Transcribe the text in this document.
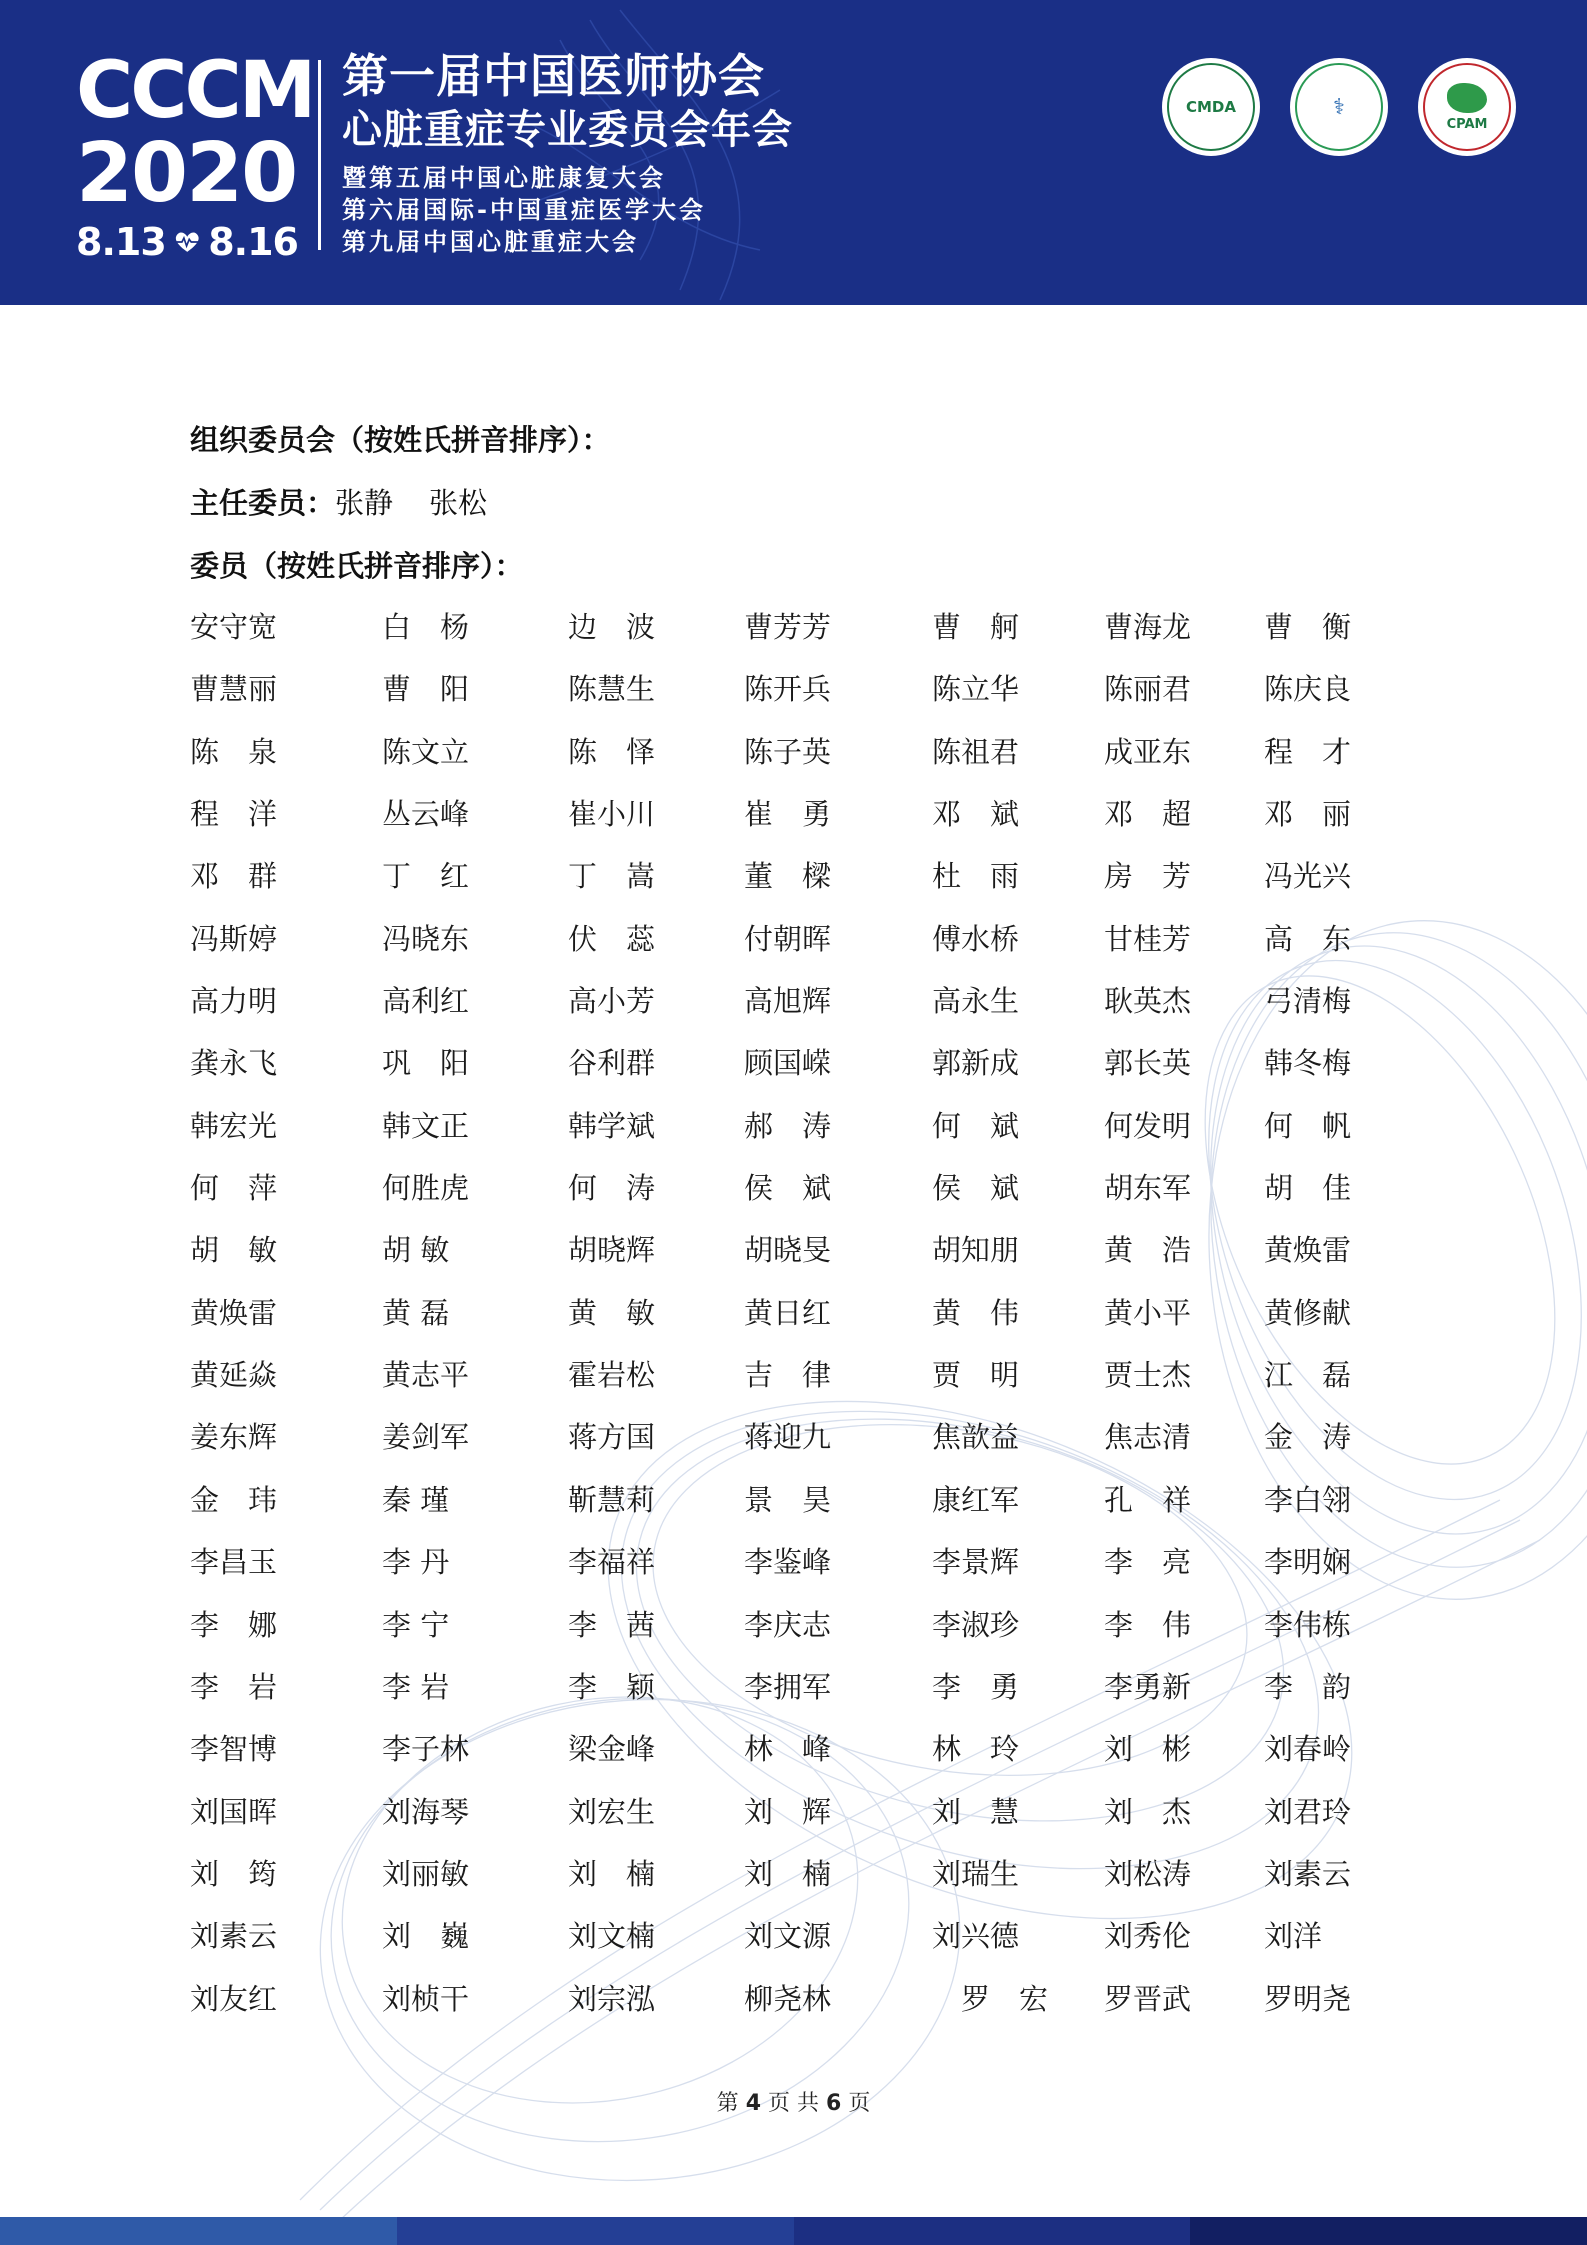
CCCM
2020
8.13 8.16
第一届中国医师协会
心脏重症专业委员会年会
暨第五届中国心脏康复大会
第六届国际-中国重症医学大会
第九届中国心脏重症大会
CMDA	⚕
CPAM
组织委员会（按姓氏拼音排序）：
主任委员：张静 张松
委员（按姓氏拼音排序）：
安守宽	白　杨	边　波	曹芳芳	曹　舸	曹海龙	曹　衡
曹慧丽	曹　阳	陈慧生	陈开兵	陈立华	陈丽君	陈庆良
陈　泉	陈文立	陈　怿	陈子英	陈祖君	成亚东	程　才
程　洋	丛云峰	崔小川	崔　勇	邓　斌	邓　超	邓　丽
邓　群	丁　红	丁　嵩	董　樑	杜　雨	房　芳	冯光兴
冯斯婷	冯晓东	伏　蕊	付朝晖	傅水桥	甘桂芳	高　东
高力明	高利红	高小芳	高旭辉	高永生	耿英杰	弓清梅
龚永飞	巩　阳	谷利群	顾国嵘	郭新成	郭长英	韩冬梅
韩宏光	韩文正	韩学斌	郝　涛	何　斌	何发明	何　帆
何　萍	何胜虎	何　涛	侯　斌	侯　斌	胡东军	胡　佳
胡　敏	胡 敏	胡晓辉	胡晓旻	胡知朋	黄　浩	黄焕雷
黄焕雷	黄 磊	黄　敏	黄日红	黄　伟	黄小平	黄修献
黄延焱	黄志平	霍岩松	吉　律	贾　明	贾士杰	江　磊
姜东辉	姜剑军	蒋方国	蒋迎九	焦歆益	焦志清	金　涛
金　玮	秦 瑾	靳慧莉	景　昊	康红军	孔　祥	李白翎
李昌玉	李 丹	李福祥	李鉴峰	李景辉	李　亮	李明娴
李　娜	李 宁	李　茜	李庆志	李淑珍	李　伟	李伟栋
李　岩	李 岩	李　颖	李拥军	李　勇	李勇新	李　韵
李智博	李子林	梁金峰	林　峰	林　玲	刘　彬	刘春岭
刘国晖	刘海琴	刘宏生	刘　辉	刘　慧	刘　杰	刘君玲
刘　筠	刘丽敏	刘　楠	刘　楠	刘瑞生	刘松涛	刘素云
刘素云	刘　巍	刘文楠	刘文源	刘兴德	刘秀伦	刘洋
刘友红	刘桢干	刘宗泓	柳尧林	　罗　宏	罗晋武	罗明尧
第 4 页 共 6 页
